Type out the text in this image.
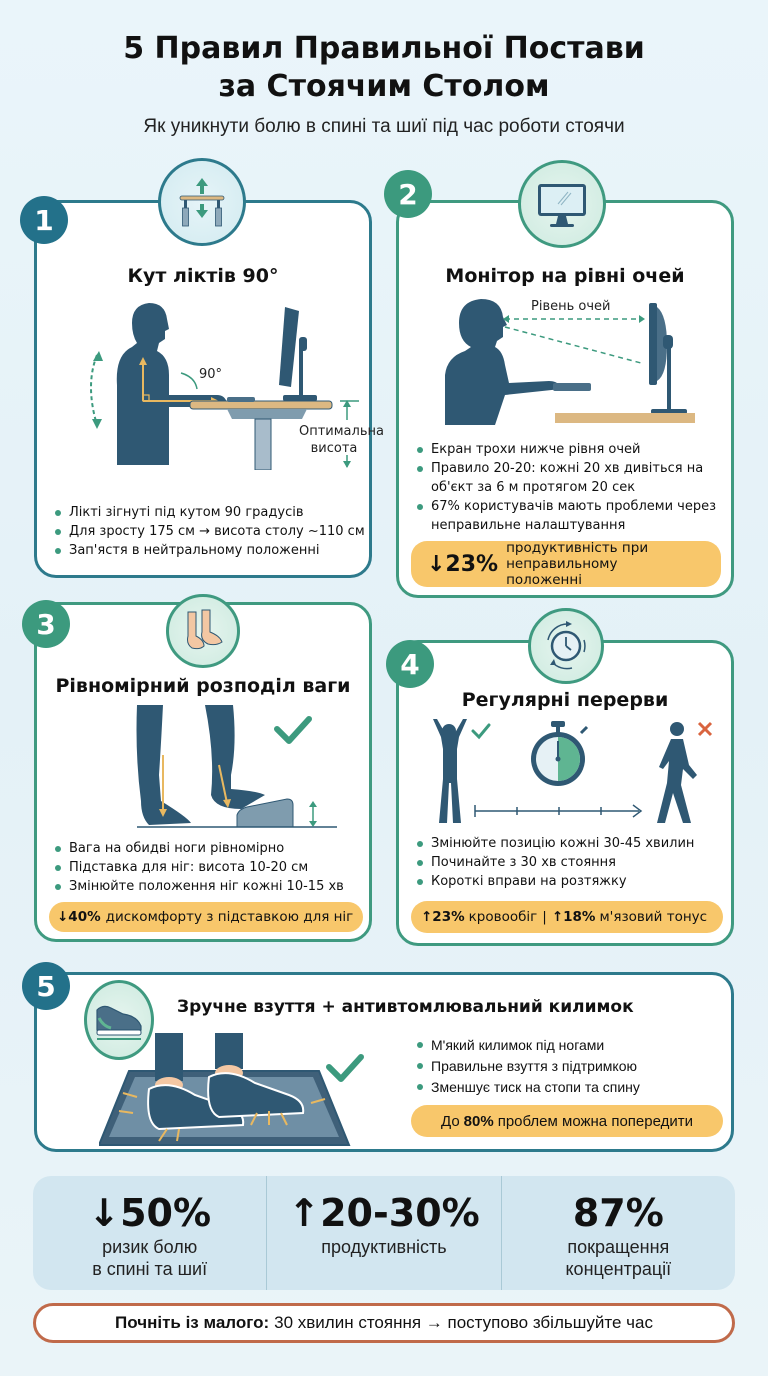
5 Правил Правильної Постави
за Стоячим Столом
Як уникнути болю в спині та шиї під час роботи стоячи
Кут ліктів 90°
90°
Оптимальна висота
Лікті зігнуті під кутом 90 градусів
Для зросту 175 см → висота столу ~110 см
Зап'ястя в нейтральному положенні
1
Монітор на рівні очей
Рівень очей
Екран трохи нижче рівня очей
Правило 20-20: кожні 20 хв дивіться на об'єкт за 6 м протягом 20 сек
67% користувачів мають проблеми через неправильне налаштування
↓23%
продуктивність при неправильному положенні
2
Рівномірний розподіл ваги
Вага на обидві ноги рівномірно
Підставка для ніг: висота 10-20 см
Змінюйте положення ніг кожні 10-15 хв
↓40% дискомфорту з підставкою для ніг
3
Регулярні перерви
Змінюйте позицію кожні 30-45 хвилин
Починайте з 30 хв стояння
Короткі вправи на розтяжку
↑23% кровообіг | ↑18% м'язовий тонус
4
Зручне взуття + антивтомлювальний килимок
М'який килимок під ногами
Правильне взуття з підтримкою
Зменшує тиск на стопи та спину
До 80% проблем можна попередити
5
↓50%
ризик болю
в спині та шиї
↑20-30%
продуктивність
87%
покращення
концентрації
Почніть із малого: 30 хвилин стояння → поступово збільшуйте час
